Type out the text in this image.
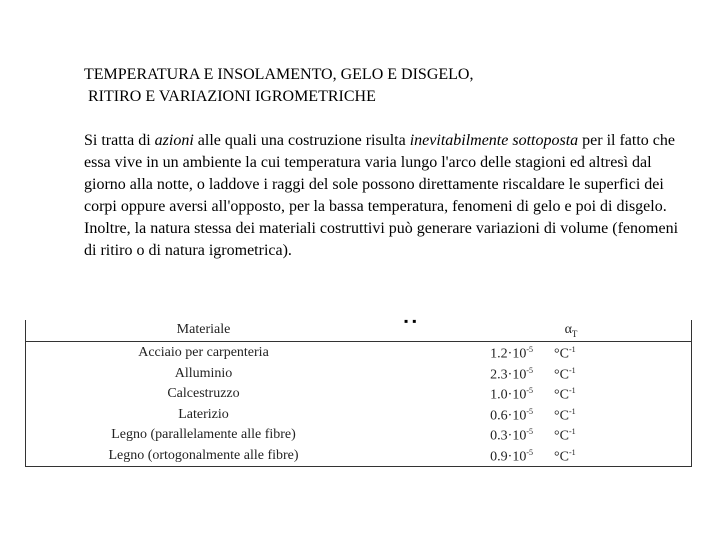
TEMPERATURA E INSOLAMENTO, GELO E DISGELO,
RITIRO E VARIAZIONI IGROMETRICHE
Si tratta di azioni alle quali una costruzione risulta inevitabilmente sottoposta per il fatto che essa vive in un ambiente la cui temperatura varia lungo l'arco delle stagioni ed altresì dal giorno alla notte, o laddove i raggi del sole possono direttamente riscaldare le superfici dei corpi oppure aversi all'opposto, per la bassa temperatura, fenomeni di gelo e poi di disgelo. Inoltre, la natura stessa dei materiali costruttivi può generare variazioni di volume (fenomeni di ritiro o di natura igrometrica).
▪▪
Materiale	$\alpha_T$
Acciaio per carpenteria	$1.2\cdot 10^{-5}$ $^\circ C^{-1}$
Alluminio	$2.3\cdot 10^{-5}$ $^\circ C^{-1}$
Calcestruzzo	$1.0\cdot 10^{-5}$ $^\circ C^{-1}$
Laterizio	$0.6\cdot 10^{-5}$ $^\circ C^{-1}$
Legno (parallelamente alle fibre)	$0.3\cdot 10^{-5}$ $^\circ C^{-1}$
Legno (ortogonalmente alle fibre)	$0.9\cdot 10^{-5}$ $^\circ C^{-1}$
